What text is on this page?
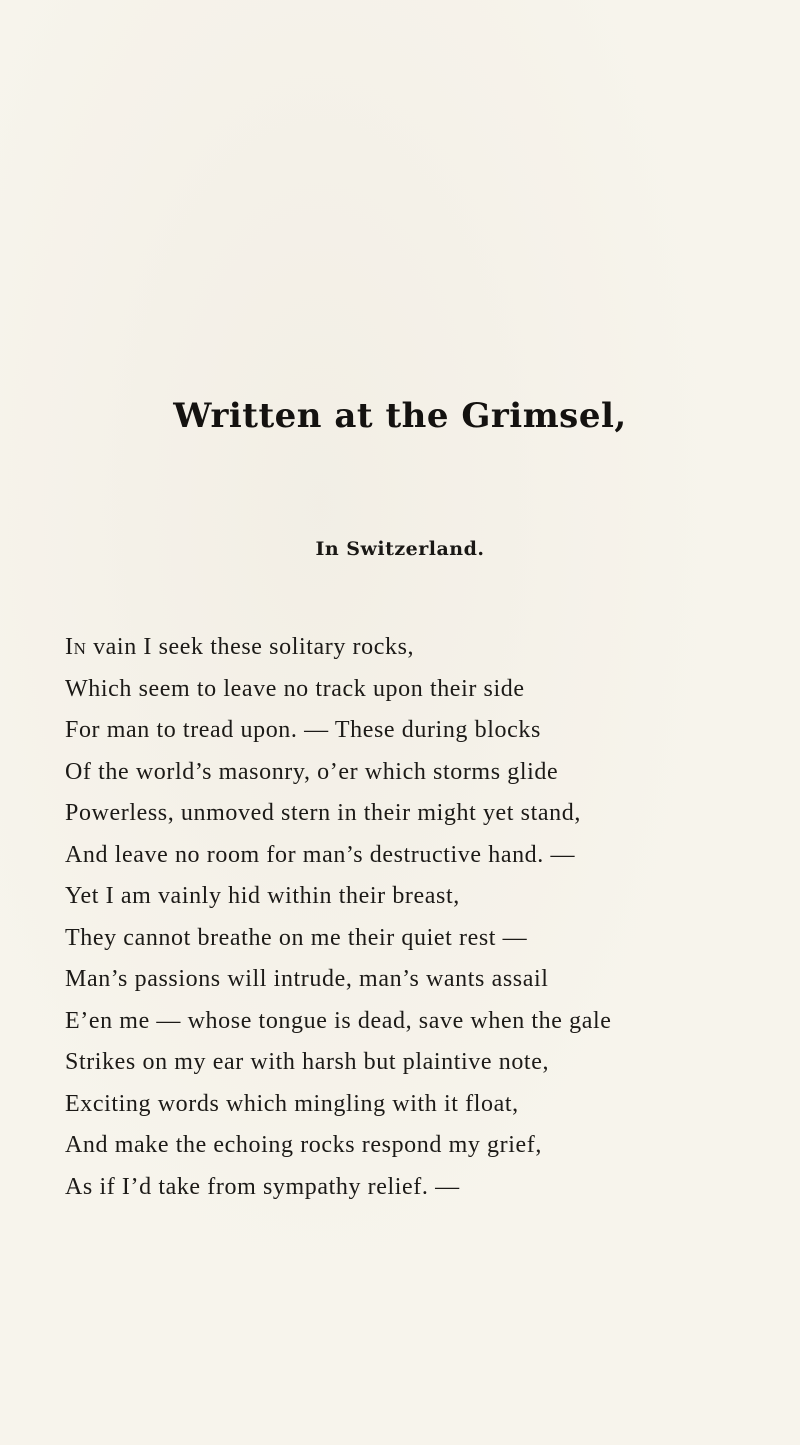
Written at the Grimsel,
In Switzerland.
In vain I seek these solitary rocks,
Which seem to leave no track upon their side
For man to tread upon. — These during blocks
Of the world’s masonry, o’er which storms glide
Powerless, unmoved stern in their might yet stand,
And leave no room for man’s destructive hand. —
Yet I am vainly hid within their breast,
They cannot breathe on me their quiet rest —
Man’s passions will intrude, man’s wants assail
E’en me — whose tongue is dead, save when the gale
Strikes on my ear with harsh but plaintive note,
Exciting words which mingling with it float,
And make the echoing rocks respond my grief,
As if I’d take from sympathy relief. —
